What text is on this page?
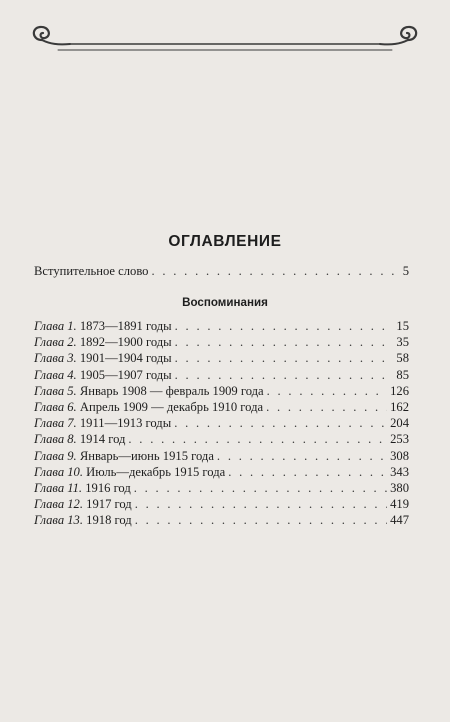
ОГЛАВЛЕНИЕ
Вступительное слово . . .	5
Воспоминания
Глава 1. 1873—1891 годы . . .	15
Глава 2. 1892—1900 годы . . .	35
Глава 3. 1901—1904 годы . . .	58
Глава 4. 1905—1907 годы . . .	85
Глава 5. Январь 1908 — февраль 1909 года . . .	126
Глава 6. Апрель 1909 — декабрь 1910 года . . .	162
Глава 7. 1911—1913 годы . . .	204
Глава 8. 1914 год . . .	253
Глава 9. Январь—июнь 1915 года . . .	308
Глава 10. Июль—декабрь 1915 года . . .	343
Глава 11. 1916 год . . .	380
Глава 12. 1917 год . . .	419
Глава 13. 1918 год . . .	447
